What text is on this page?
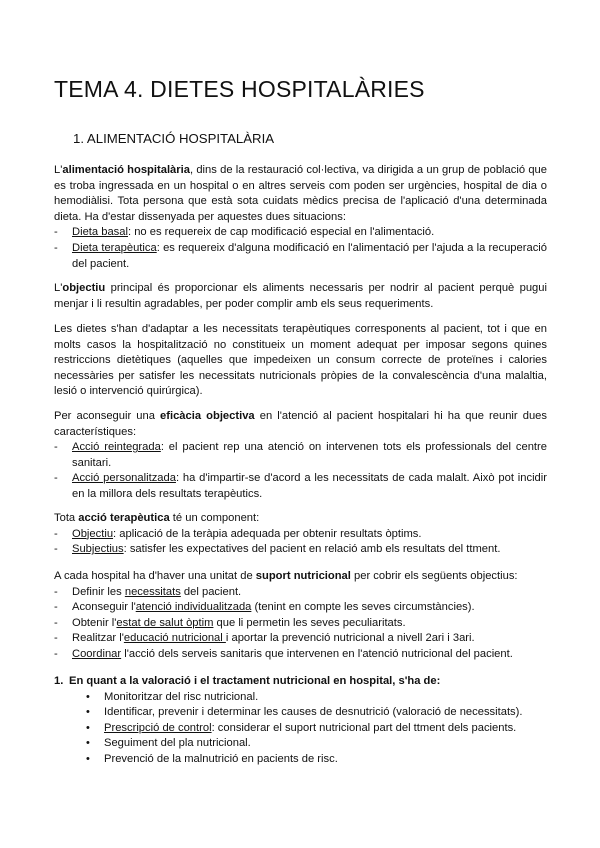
TEMA 4. DIETES HOSPITALÀRIES
1. ALIMENTACIÓ HOSPITALÀRIA

L'alimentació hospitalària, dins de la restauració col·lectiva, va dirigida a un grup de població que es troba ingressada en un hospital o en altres serveis com poden ser urgències, hospital de dia o hemodiàlisi. Tota persona que està sota cuidats mèdics precisa de l'aplicació d'una determinada dieta. Ha d'estar dissenyada per aquestes dues situacions:

-	Dieta basal: no es requereix de cap modificació especial en l'alimentació.
-	Dieta terapèutica: es requereix d'alguna modificació en l'alimentació per l'ajuda a la recuperació del pacient.

L'objectiu principal és proporcionar els aliments necessaris per nodrir al pacient perquè pugui menjar i li resultin agradables, per poder complir amb els seus requeriments.

Les dietes s'han d'adaptar a les necessitats terapèutiques corresponents al pacient, tot i que en molts casos la hospitalització no constitueix un moment adequat per imposar segons quines restriccions dietètiques (aquelles que impedeixen un consum correcte de proteïnes i calories necessàries per satisfer les necessitats nutricionals pròpies de la convalescència d'una malaltia, lesió o intervenció quirúrgica).

Per aconseguir una eficàcia objectiva en l'atenció al pacient hospitalari hi ha que reunir dues característiques:

-	Acció reintegrada: el pacient rep una atenció on intervenen tots els professionals del centre sanitari.
-	Acció personalitzada: ha d'impartir-se d'acord a les necessitats de cada malalt. Això pot incidir en la millora dels resultats terapèutics.

Tota acció terapèutica té un component:

-	Objectiu: aplicació de la teràpia adequada per obtenir resultats òptims.
-	Subjectius: satisfer les expectatives del pacient en relació amb els resultats del ttment.

A cada hospital ha d'haver una unitat de suport nutricional per cobrir els següents objectius:

-	Definir les necessitats del pacient.
-	Aconseguir l'atenció individualitzada (tenint en compte les seves circumstàncies).
-	Obtenir l'estat de salut òptim que li permetin les seves peculiaritats.
-	Realitzar l'educació nutricional i aportar la prevenció nutricional a nivell 2ari i 3ari.
-	Coordinar l'acció dels serveis sanitaris que intervenen en l'atenció nutricional del pacient.
1. En quant a la valoració i el tractament nutricional en hospital, s'ha de:
•	Monitoritzar del risc nutricional.
•	Identificar, prevenir i determinar les causes de desnutrició (valoració de necessitats).
•	Prescripció de control: considerar el suport nutricional part del ttment dels pacients.
•	Seguiment del pla nutricional.
•	Prevenció de la malnutrició en pacients de risc.
